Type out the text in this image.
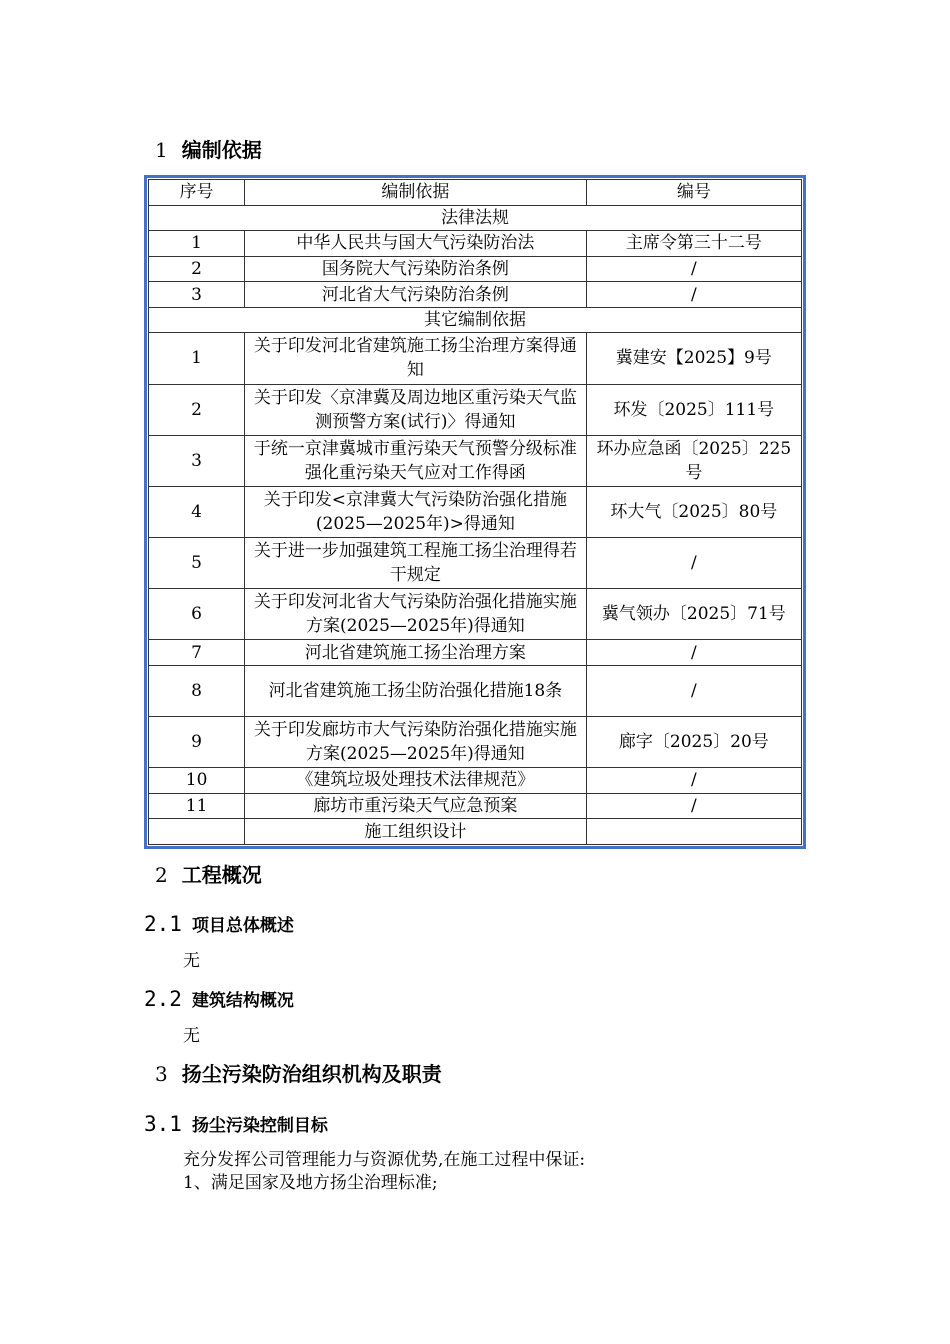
1 编制依据
序号	编制依据	编号
法律法规		
1	中华人民共与国大气污染防治法	主席令第三十二号
2	国务院大气污染防治条例	/
3	河北省大气污染防治条例	/
其它编制依据		
1	关于印发河北省建筑施工扬尘治理方案得通知	冀建安【2025】9号
2	关于印发〈京津冀及周边地区重污染天气监测预警方案(试行)〉得通知	环发〔2025〕111号
3	于统一京津冀城市重污染天气预警分级标准强化重污染天气应对工作得函	环办应急函〔2025〕225号
4	关于印发<京津冀大气污染防治强化措施(2025—2025年)>得通知	环大气〔2025〕80号
5	关于进一步加强建筑工程施工扬尘治理得若干规定	/
6	关于印发河北省大气污染防治强化措施实施方案(2025—2025年)得通知	冀气领办〔2025〕71号
7	河北省建筑施工扬尘治理方案	/
8	河北省建筑施工扬尘防治强化措施18条	/
9	关于印发廊坊市大气污染防治强化措施实施方案(2025—2025年)得通知	廊字〔2025〕20号
10	《建筑垃圾处理技术法律规范》	/
11	廊坊市重污染天气应急预案	/
	施工组织设计	
2 工程概况
2.1 项目总体概述
无
2.2 建筑结构概况
无
3 扬尘污染防治组织机构及职责
3.1 扬尘污染控制目标
充分发挥公司管理能力与资源优势,在施工过程中保证:
1、满足国家及地方扬尘治理标准;
